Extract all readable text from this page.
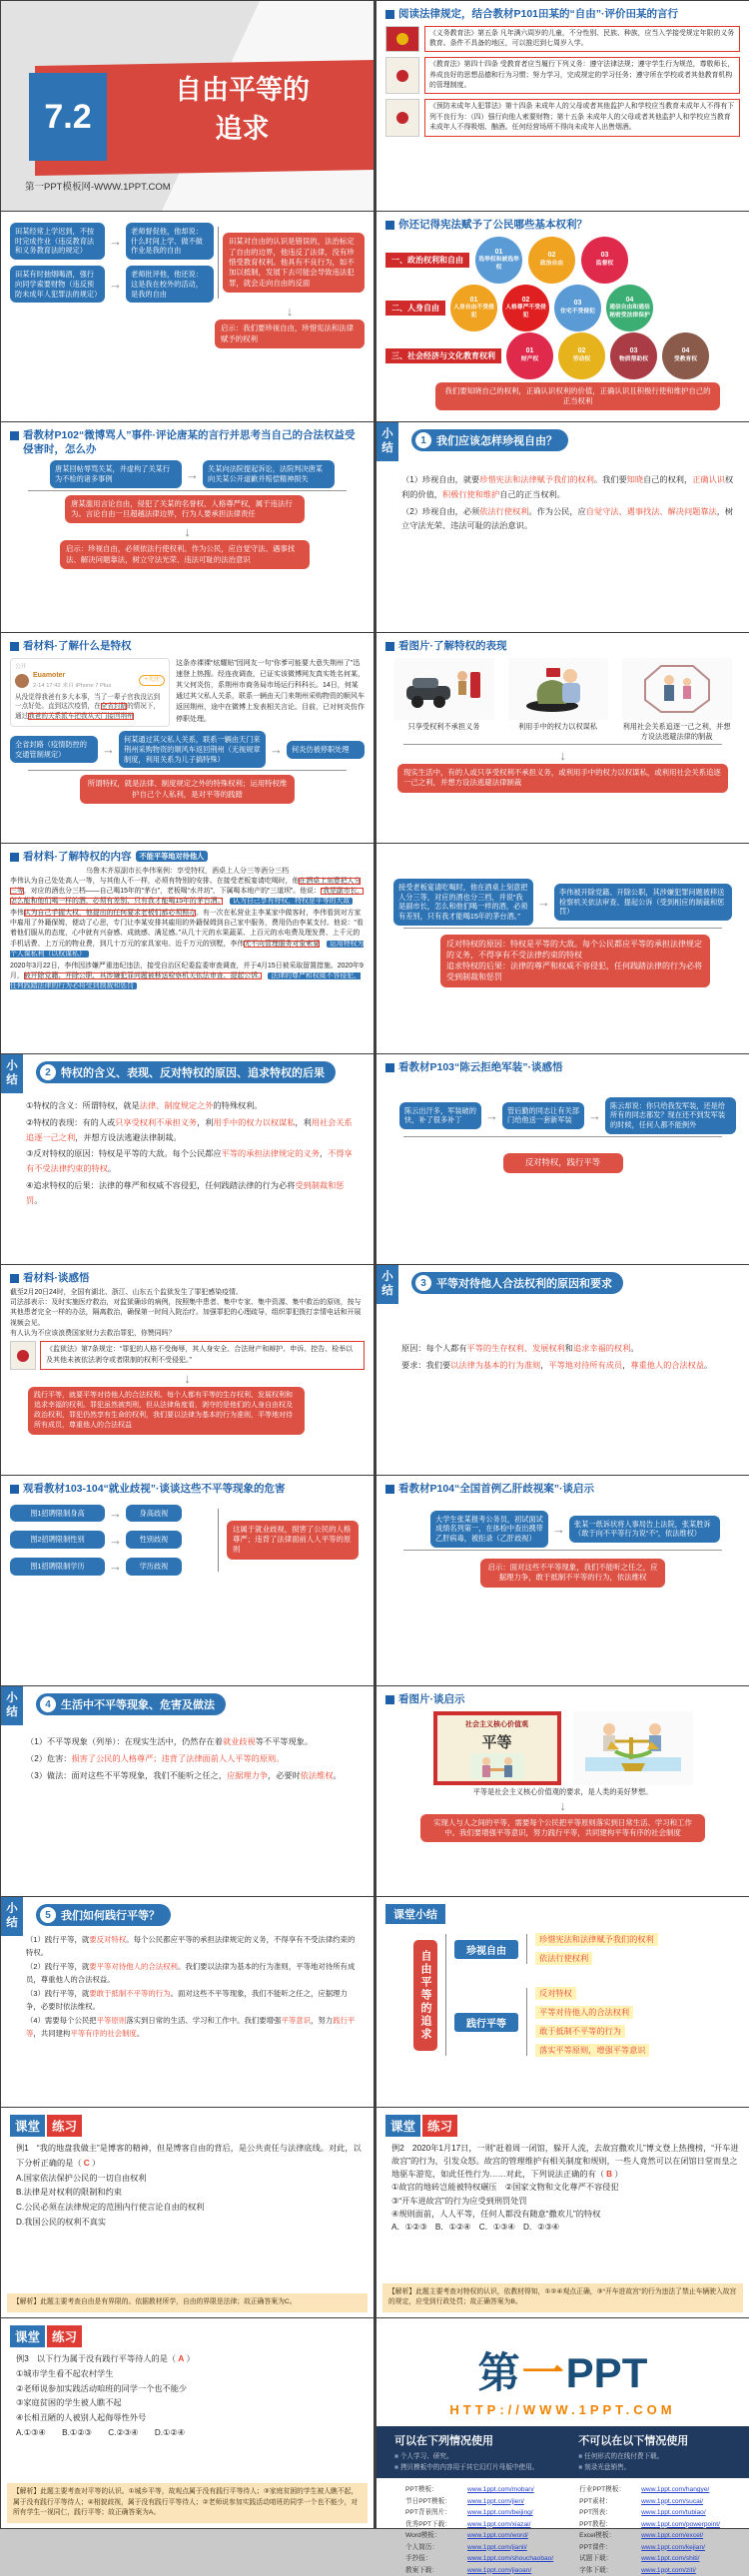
7.2
自由平等的
追求
第一PPT模板网-WWW.1PPT.COM
阅读法律规定，结合教材P101田某的“自由”·评价田某的言行
《义务教育法》第五条 凡年满六周岁的儿童，不分性别、民族、种族，应当入学接受规定年限的义务教育。条件不具备的地区，可以推迟到七周岁入学。
《教育法》第四十四条 受教育者应当履行下列义务：遵守法律法规；遵守学生行为规范，尊敬师长，养成良好的思想品德和行为习惯；努力学习，完成规定的学习任务；遵守所在学校或者其他教育机构的管理制度。
《预防未成年人犯罪法》第十四条 未成年人的父母或者其他监护人和学校应当教育未成年人不得有下列不良行为：（四）强行向他人索要财物；第十五条 未成年人的父母或者其他监护人和学校应当教育未成年人不得吸烟、酗酒。任何经营场所不得向未成年人出售烟酒。
田某经常上学迟到，不按时完成作业（违反教育法和义务教育法的规定）
田某有时抽烟喝酒，强行向同学索要财物（违反预防未成年人犯罪法的规定）
→
→
老师督促他，他却说：什么时间上学、做不做作业是我的自由
老师批评他，他还说：这是我在校外的活动，是我的自由
田某对自由的认识是错误的，法治标定了自由的边界，他违反了法律，没有珍惜受教育权利。他具有不良行为，如不加以抵制，发展下去可能会导致违法犯罪，就会走向自由的反面
↓
启示：我们要珍视自由，珍惜宪法和法律赋予的权利
你还记得宪法赋予了公民哪些基本权利？
一、政治权利和自由
01
选举权和被选举权
02
政治自由
03
监督权
二、人身自由
01
人身自由不受侵犯
02
人格尊严不受侵犯
03
住宅不受侵犯
04
通信自由和通信秘密受法律保护
三、社会经济与文化教育权利	01
财产权
02
劳动权
03
物质帮助权
04
受教育权
我们要知晓自己的权利，正确认识权利的价值，正确认识且积极行使和维护自己的正当权利
看教材P102“微博骂人”事件·评论唐某的言行并思考当自己的合法权益受侵害时，怎么办
唐某回帖辱骂关某，并虚构了关某行为不检的诸多事例
→
关某向法院提起诉讼，法院判决唐某向关某公开道歉并赔偿精神损失
唐某滥用言论自由，侵犯了关某的名誉权、人格尊严权，属于违法行为。言论自由一旦超越法律边界，行为人要承担法律责任
↓
启示：珍视自由，必须依法行使权利。作为公民，应自觉守法、遇事找法、解决问题靠法，树立守法光荣、违法可耻的法治意识
小结
1 我们应该怎样珍视自由？

（1）珍视自由，就要珍惜宪法和法律赋予我们的权利。我们要知晓自己的权利，正确认识权利的价值，积极行使和维护自己的正当权利。

（2）珍视自由，必须依法行使权利。作为公民，应自觉守法、遇事找法、解决问题靠法，树立守法光荣、违法可耻的法治意识。

看材料·了解什么是特权
公开
Euamoter
2-14 17:42 来自 iPhone 7 Plus
+关注
从没觉得我爸有多大本事，当了一辈子官我没沾到一点好处。直到这次疫情，在全省封路的情况下，通过我爸的关系派车把我从天门接回荆州
这条赤裸裸“炫耀贴”因网友一句“你爹可能要大意失荆州了”迅速登上热搜。经连夜调查，已证实该微博网友真实姓名何某，其父何炎仿，系荆州市商务局市场运行科科长。14日，何某通过其父私人关系，联系一辆由天门来荆州采购物资的顺风车返回荆州，途中在微博上发表相关言论。目前，已对何炎仿作停职处理。
全省封路（疫情防控的交通管制规定）
→
何某通过其父私人关系，联系一辆由天门来荆州采购物资的顺风车返回荆州（无视规章制度，利用关系为儿子搞特殊）
→
何炎仿被停职处理
所谓特权，就是法律、制度规定之外的特殊权利；运用特权维护自己个人私利，是对平等的践踏
看图片·了解特权的表现
只享受权利不承担义务	利用手中的权力以权谋私	利用社会关系追逐一己之利，并想方设法逃避法律的制裁
↓
现实生活中，有的人或只享受权利不承担义务，或利用手中的权力以权谋私，或利用社会关系追逐一己之利，并想方设法逃避法律制裁
看材料·了解特权的内容	不能平等地对待他人
乌鲁木齐原副市长李伟案例：享受特权，酒桌上人分三等酒分三档
李伟认为自己处处高人一等，与其他人不一样，必须有特别的安排。在接受老板宴请吃喝时，他在酒桌上刻意把人分三等，对应的酒也分三档——自己喝15年的“茅台”，老板喝“水井坊”，下属喝本地产的“三道坝”。他说：“我是副市长，怎么能和他们喝一样的酒，必须有差别，只有我才能喝15年的茅台酒。”　 认为自己享有特权，特权是平等的大敌
李伟认为自己手握大权，他提出的任何要求老板们都必须照办。有一次在私营业主李某家中做客时，李伟看到对方家中雇用了外籍保姆，便动了心思，专门让李某安排其雇用的外籍保姆到自己家中服务，费用仍由李某支付。他说：“看着他们服从的态度，心中就有兴奋感、成就感、满足感。”从几十元的水果蔬菜、上百元的水电费及理发费、上千元的手机话费、上万元的物业费，到几十万元的家具家电、近千万元的别墅，李伟无不向管理服务对象索要　 运用特权为个人谋私利（以权谋私）
2020年3月22日，李伟因涉嫌严重违纪违法，接受自治区纪委监委审查调查，并于4月15日被采取留置措施。2020年9月，被开除党籍、开除公职，其涉嫌犯罪问题被移送检察机关依法审查、提起公诉。　 法律的尊严和权威不容侵犯，任何践踏法律的行为必将受到制裁和惩罚
接受老板宴请吃喝时，他在酒桌上刻意把人分三等，对应的酒也分三档，并说“我是副市长，怎么和他们喝一样的酒，必须有差别，只有我才能喝15年的茅台酒。”
→
李伟被开除党籍、开除公职，其涉嫌犯罪问题被移送检察机关依法审查、提起公诉（受到相应的制裁和惩罚）
反对特权的原因：特权是平等的大敌。每个公民都应平等的承担法律规定的义务，不得享有不受法律约束的特权
追求特权的后果：法律的尊严和权威不容侵犯，任何践踏法律的行为必将受到制裁和惩罚
小结
2 特权的含义、表现、反对特权的原因、追求特权的后果

①特权的含义：所谓特权，就是法律、制度规定之外的特殊权利。

②特权的表现：有的人或只享受权利不承担义务，利用手中的权力以权谋私，利用社会关系追逐一己之利，并想方设法逃避法律制裁。

③反对特权的原因：特权是平等的大敌。每个公民都应平等的承担法律规定的义务，不得享有不受法律约束的特权。

④追求特权的后果：法律的尊严和权威不容侵犯，任何践踏法律的行为必将受到制裁和惩罚。

看教材P103“陈云拒绝军装”·谈感悟
陈云出汗多，军装破的快，补了很多补丁
→
管后勤的同志让有关部门给他送一套新军装
→
陈云却说：你只给我发军装，还是给所有的同志都发？现在还不到发军装的时候，任何人都不能例外
反对特权，践行平等
看材料·谈感悟
截至2月20日24时，全国有湖北、浙江、山东五个监狱发生了罪犯感染疫情。
司法部表示：及时实施医疗救治，对监狱确诊的病例，按照集中患者、集中专家、集中资源、集中救治的原则，按与其他患者完全一样的办法，隔离救治，确保第一时间入院治疗。加强罪犯的心理疏导，组织罪犯拨打亲情电话和开展视频会见。
有人认为不应该浪费国家财力去救治罪犯，你赞同吗？
《监狱法》第7条规定：“罪犯的人格不受侮辱，其人身安全、合法财产和辩护、申诉、控告、检举以及其他未被依法剥夺或者限制的权利不受侵犯。”
↓
践行平等，就要平等对待他人的合法权利。每个人都有平等的生存权利、发展权利和追求幸福的权利。罪犯虽然被判刑，但从法律角度看，剥夺的是他们的人身自由权及政治权利，罪犯仍然享有生命的权利，我们要以法律为基本的行为准则，平等地对待所有成员，尊重他人的合法权益
小结
3 平等对待他人合法权利的原因和要求

原因：每个人都有平等的生存权利、发展权利和追求幸福的权利。

要求：我们要以法律为基本的行为准则，平等地对待所有成员，尊重他人的合法权益。

观看教材103-104“就业歧视”·谈谈这些不平等现象的危害
图1招聘限制身高 →	身高歧视
图2招聘限制性别 →	性别歧视
图1招聘限制学历 →	学历歧视
这属于就业歧视，损害了公民的人格尊严；违背了法律面前人人平等的原则
看教材P104“全国首例乙肝歧视案”·谈启示
大学生张某报考公务员，初试面试成绩名列第一，在体检中查出携带乙肝病毒，被拒录（乙肝歧视）
→
张某一纸诉状将人事局告上法院，张某胜诉（敢于向不平等行为说“不”，依法维权）
启示：面对这些不平等现象，我们不能听之任之，应据理力争，敢于抵制不平等的行为，依法维权
小结
4 生活中不平等现象、危害及做法

（1）不平等现象（列举）：在现实生活中，仍然存在着就业歧视等不平等现象。

（2）危害：损害了公民的人格尊严；违背了法律面前人人平等的原则。

（3）做法：面对这些不平等现象，我们不能听之任之，应据理力争，必要时依法维权。

看图片·谈启示
社会主义核心价值观
平等
平等是社会主义核心价值观的要求，是人类的美好梦想。
↓
实现人与人之间的平等，需要每个公民把平等原则落实到日常生活、学习和工作中。我们要增强平等意识，努力践行平等，共同建构平等有序的社会制度
小结
5 我们如何践行平等？

（1）践行平等，就要反对特权。每个公民都应平等的承担法律规定的义务，不得享有不受法律约束的特权。

（2）践行平等，就要平等对待他人的合法权利。我们要以法律为基本的行为准则，平等地对待所有成员，尊重他人的合法权益。

（3）践行平等，就要敢于抵制不平等的行为。面对这些不平等现象，我们不能听之任之，应据理力争，必要时依法维权。

（4）需要每个公民把平等原则落实到日常的生活、学习和工作中。我们要增强平等意识，努力践行平等，共同建构平等有序的社会制度。

课堂小结
自由平等的追求	珍视自由
珍惜宪法和法律赋予我们的权利
依法行使权利
践行平等
反对特权
平等对待他人的合法权利
敢于抵制不平等的行为
落实平等原则，增强平等意识
课堂 练习
例1　“我的地盘我做主”是博客的精神，但是博客自由的背后，是公共责任与法律底线。对此，以下分析正确的是（ C ）
A.国家依法保护公民的一切自由权利
B.法律是对权利的限制和约束
C.公民必须在法律规定的范围内行使言论自由的权利
D.我国公民的权利不真实
【解析】此题主要考查自由是有界限的。依据教材所学，自由的界限是法律；故正确答案为C。
课堂 练习
例2　2020年1月17日，一则“赶着周一闭馆，躲开人流，去故宫撒欢儿”博文登上热搜榜，“开车进故宫”的行为，引发众怒。故宫的管理维护有相关制度和规则，一些人竟然可以在闭馆日堂而皇之地驱车游览，如此任性行为……对此，下列说法正确的有（ B ）
①故宫的地砖岂能被特权碾压　②国家文物和文化尊严不容侵犯
③“开车进故宫”的行为应受到刑罚处罚
④规则面前，人人平等，任何人都没有随意“撒欢儿”的特权
A．①②③　B．①②④　C．①③④　D．②③④
【解析】此题主要考查对特权的认识，依教材得知，①②④观点正确，③“开车进故宫”的行为违法了禁止车辆驶入故宫的规定，应受到行政处罚；故正确答案为B。
课堂 练习
例3　以下行为属于没有践行平等待人的是（ A ）
①城市学生看不起农村学生
②老师说参加实践活动咱班的同学一个也不能少
③家庭贫困的学生被人瞧不起
④长相丑陋的人被别人起侮辱性外号
A.①③④　　B.①②③　　C.②③④　　D.①②④
【解析】此题主要考查对平等的认识。①城乡平等，故观点属于没有践行平等待人；③家庭贫困的学生被人瞧不起，属于没有践行平等待人；④相貌歧视，属于没有践行平等待人；②老师说参加实践活动咱班的同学一个也不能少，对所有学生一视同仁，践行平等；故正确答案为A。
第 一 PPT
HTTP://WWW.1PPT.COM
可以在下列情况使用
■ 个人学习、研究。
■ 拷贝模板中的内容用于其它幻灯片母版中使用。
不可以在以下情况使用
■ 任何形式的在线付费下载。
■ 刻录光盘销售。
PPT模板：	www.1ppt.com/moban/
节日PPT模板：	www.1ppt.com/jieri/
PPT背景图片：	www.1ppt.com/beijing/
优秀PPT下载：	www.1ppt.com/xiazai/
Word模板：	www.1ppt.com/word/
个人简历：	www.1ppt.com/jianli/
手抄报：	www.1ppt.com/shouchaobao/
教案下载：	www.1ppt.com/jiaoan/
行业PPT模板：	www.1ppt.com/hangye/
PPT素材：	www.1ppt.com/sucai/
PPT图表：	www.1ppt.com/tubiao/
PPT教程：	www.1ppt.com/powerpoint/
Excel模板：	www.1ppt.com/excel/
PPT课件：	www.1ppt.com/kejian/
试题下载：	www.1ppt.com/shiti/
字体下载：	www.1ppt.com/ziti/
